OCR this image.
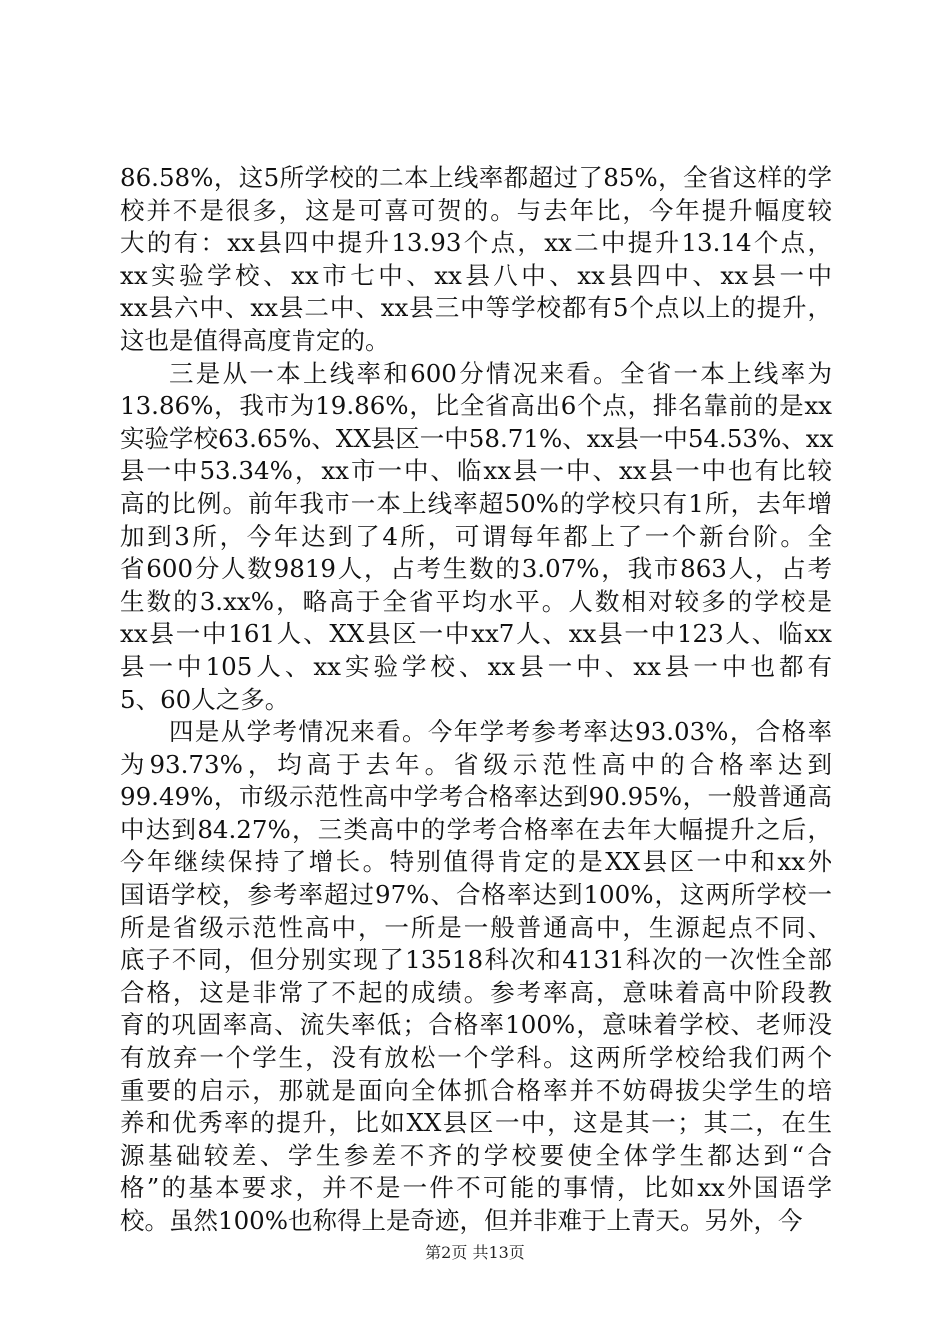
86.58%，这5所学校的二本上线率都超过了85%，全省这样的学
校并不是很多，这是可喜可贺的。与去年比，今年提升幅度较
大的有：xx县四中提升13.93个点，xx二中提升13.14个点，
xx实验学校、xx市七中、xx县八中、xx县四中、xx县一中
xx县六中、xx县二中、xx县三中等学校都有5个点以上的提升，
这也是值得高度肯定的。
三是从一本上线率和600分情况来看。全省一本上线率为
13.86%，我市为19.86%，比全省高出6个点，排名靠前的是xx
实验学校63.65%、XX县区一中58.71%、xx县一中54.53%、xx
县一中53.34%，xx市一中、临xx县一中、xx县一中也有比较
高的比例。前年我市一本上线率超50%的学校只有1所，去年增
加到3所，今年达到了4所，可谓每年都上了一个新台阶。全
省600分人数9819人，占考生数的3.07%，我市863人，占考
生数的3.xx%，略高于全省平均水平。人数相对较多的学校是
xx县一中161人、XX县区一中xx7人、xx县一中123人、临xx
县一中105人、xx实验学校、xx县一中、xx县一中也都有
5、60人之多。
四是从学考情况来看。今年学考参考率达93.03%，合格率
为93.73%，均高于去年。省级示范性高中的合格率达到
99.49%，市级示范性高中学考合格率达到90.95%，一般普通高
中达到84.27%，三类高中的学考合格率在去年大幅提升之后，
今年继续保持了增长。特别值得肯定的是XX县区一中和xx外
国语学校，参考率超过97%、合格率达到100%，这两所学校一
所是省级示范性高中，一所是一般普通高中，生源起点不同、
底子不同，但分别实现了13518科次和4131科次的一次性全部
合格，这是非常了不起的成绩。参考率高，意味着高中阶段教
育的巩固率高、流失率低；合格率100%，意味着学校、老师没
有放弃一个学生，没有放松一个学科。这两所学校给我们两个
重要的启示，那就是面向全体抓合格率并不妨碍拔尖学生的培
养和优秀率的提升，比如XX县区一中，这是其一；其二，在生
源基础较差、学生参差不齐的学校要使全体学生都达到“合
格”的基本要求，并不是一件不可能的事情，比如xx外国语学
校。虽然100%也称得上是奇迹，但并非难于上青天。另外，今
第2页 共13页
